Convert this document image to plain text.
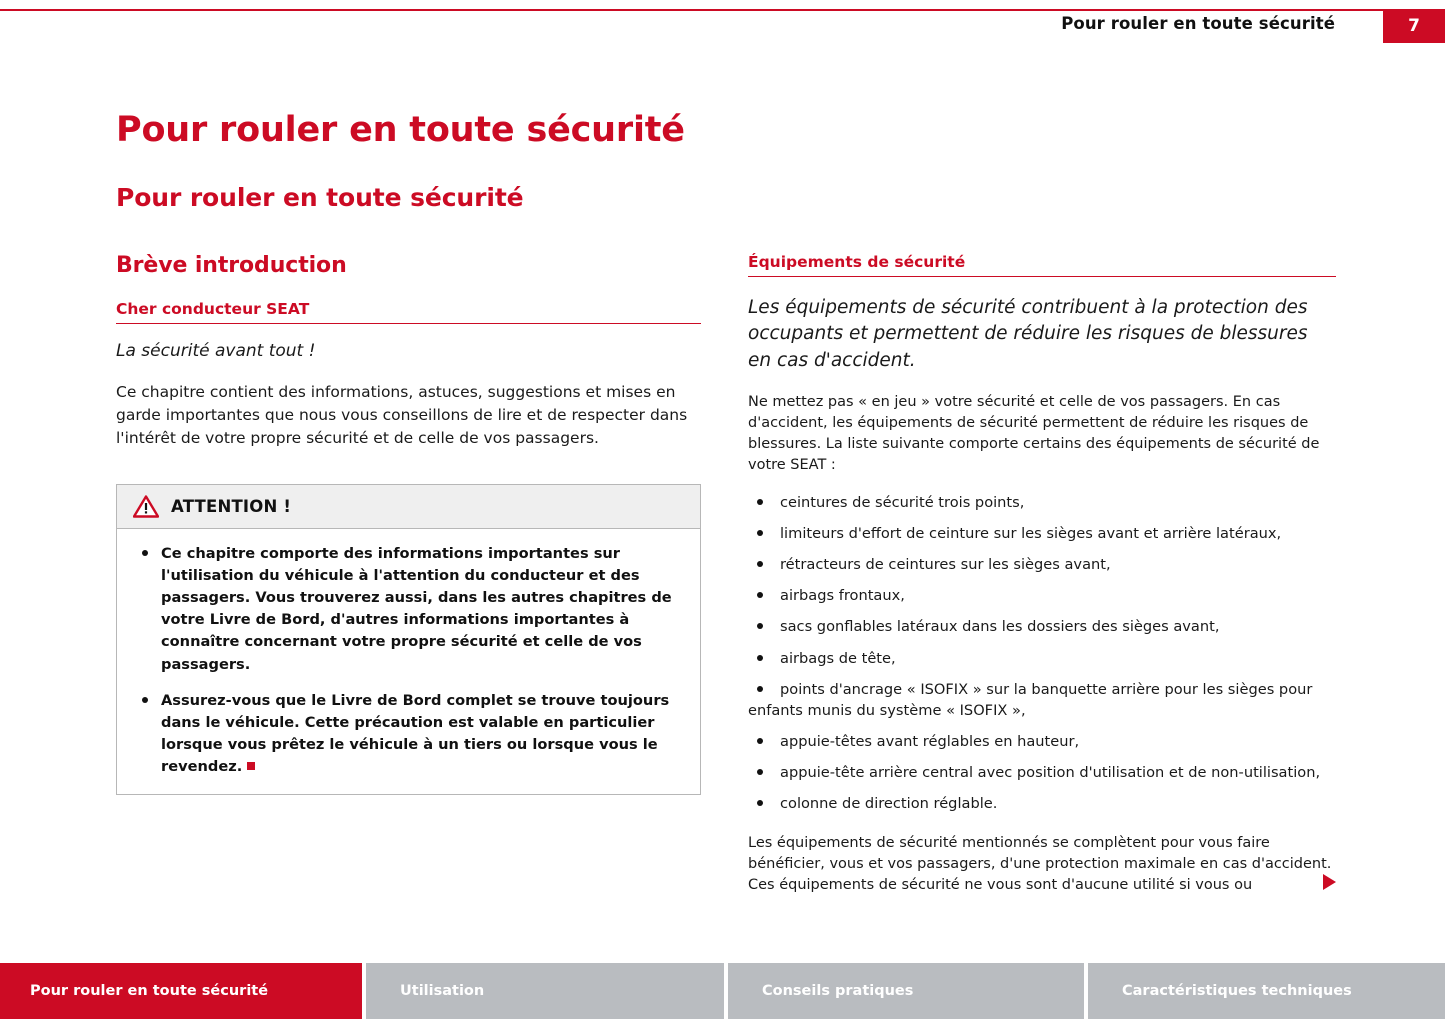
Pour rouler en toute sécurité	7
Pour rouler en toute sécurité
Pour rouler en toute sécurité
Brève introduction
Cher conducteur SEAT

La sécurité avant tout !

Ce chapitre contient des informations, astuces, suggestions et mises en garde importantes que nous vous conseillons de lire et de respecter dans l'intérêt de votre propre sécurité et de celle de vos passagers.

ATTENTION !
Ce chapitre comporte des informations importantes sur l'utilisation du véhicule à l'attention du conducteur et des passagers. Vous trouverez aussi, dans les autres chapitres de votre Livre de Bord, d'autres informations importantes à connaître concernant votre propre sécurité et celle de vos passagers.
Assurez-vous que le Livre de Bord complet se trouve toujours dans le véhicule. Cette précaution est valable en particulier lorsque vous prêtez le véhicule à un tiers ou lorsque vous le revendez.
Équipements de sécurité

Les équipements de sécurité contribuent à la protection des occupants et permettent de réduire les risques de blessures en cas d'accident.

Ne mettez pas « en jeu » votre sécurité et celle de vos passagers. En cas d'accident, les équipements de sécurité permettent de réduire les risques de blessures. La liste suivante comporte certains des équipements de sécurité de votre SEAT :

ceintures de sécurité trois points,
limiteurs d'effort de ceinture sur les sièges avant et arrière latéraux,
rétracteurs de ceintures sur les sièges avant,
airbags frontaux,
sacs gonflables latéraux dans les dossiers des sièges avant,
airbags de tête,
points d'ancrage « ISOFIX » sur la banquette arrière pour les sièges pour enfants munis du système « ISOFIX »,
appuie-têtes avant réglables en hauteur,
appuie-tête arrière central avec position d'utilisation et de non-utilisation,
colonne de direction réglable.

Les équipements de sécurité mentionnés se complètent pour vous faire bénéficier, vous et vos passagers, d'une protection maximale en cas d'accident. Ces équipements de sécurité ne vous sont d'aucune utilité si vous ou

Pour rouler en toute sécurité	Utilisation	Conseils pratiques	Caractéristiques techniques
